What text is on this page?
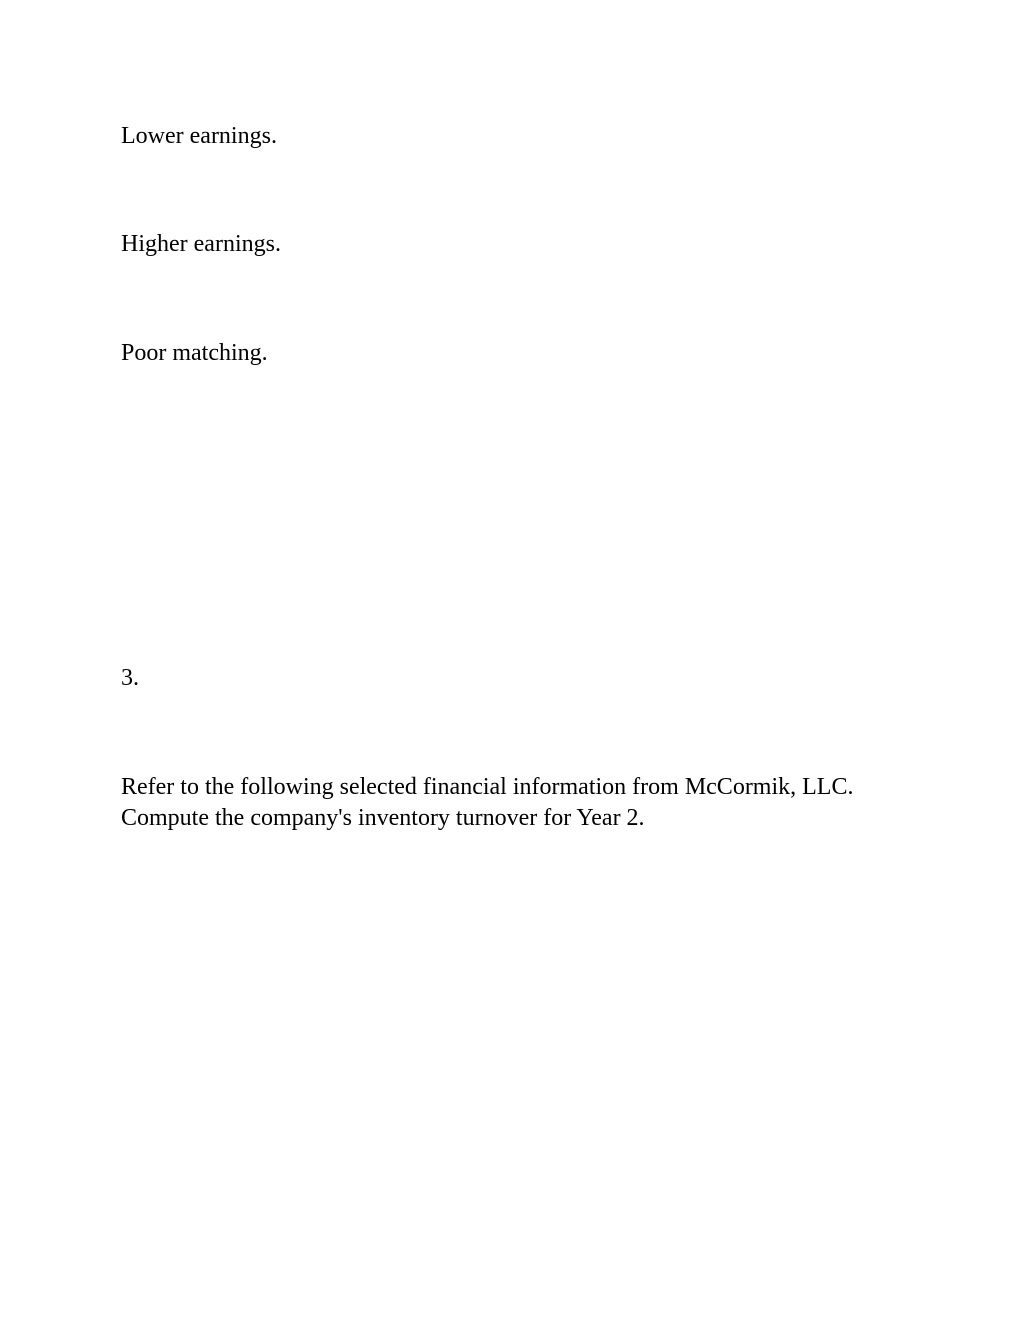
Lower earnings.
Higher earnings.
Poor matching.
3.
Refer to the following selected financial information from McCormik, LLC. Compute the company's inventory turnover for Year 2.
